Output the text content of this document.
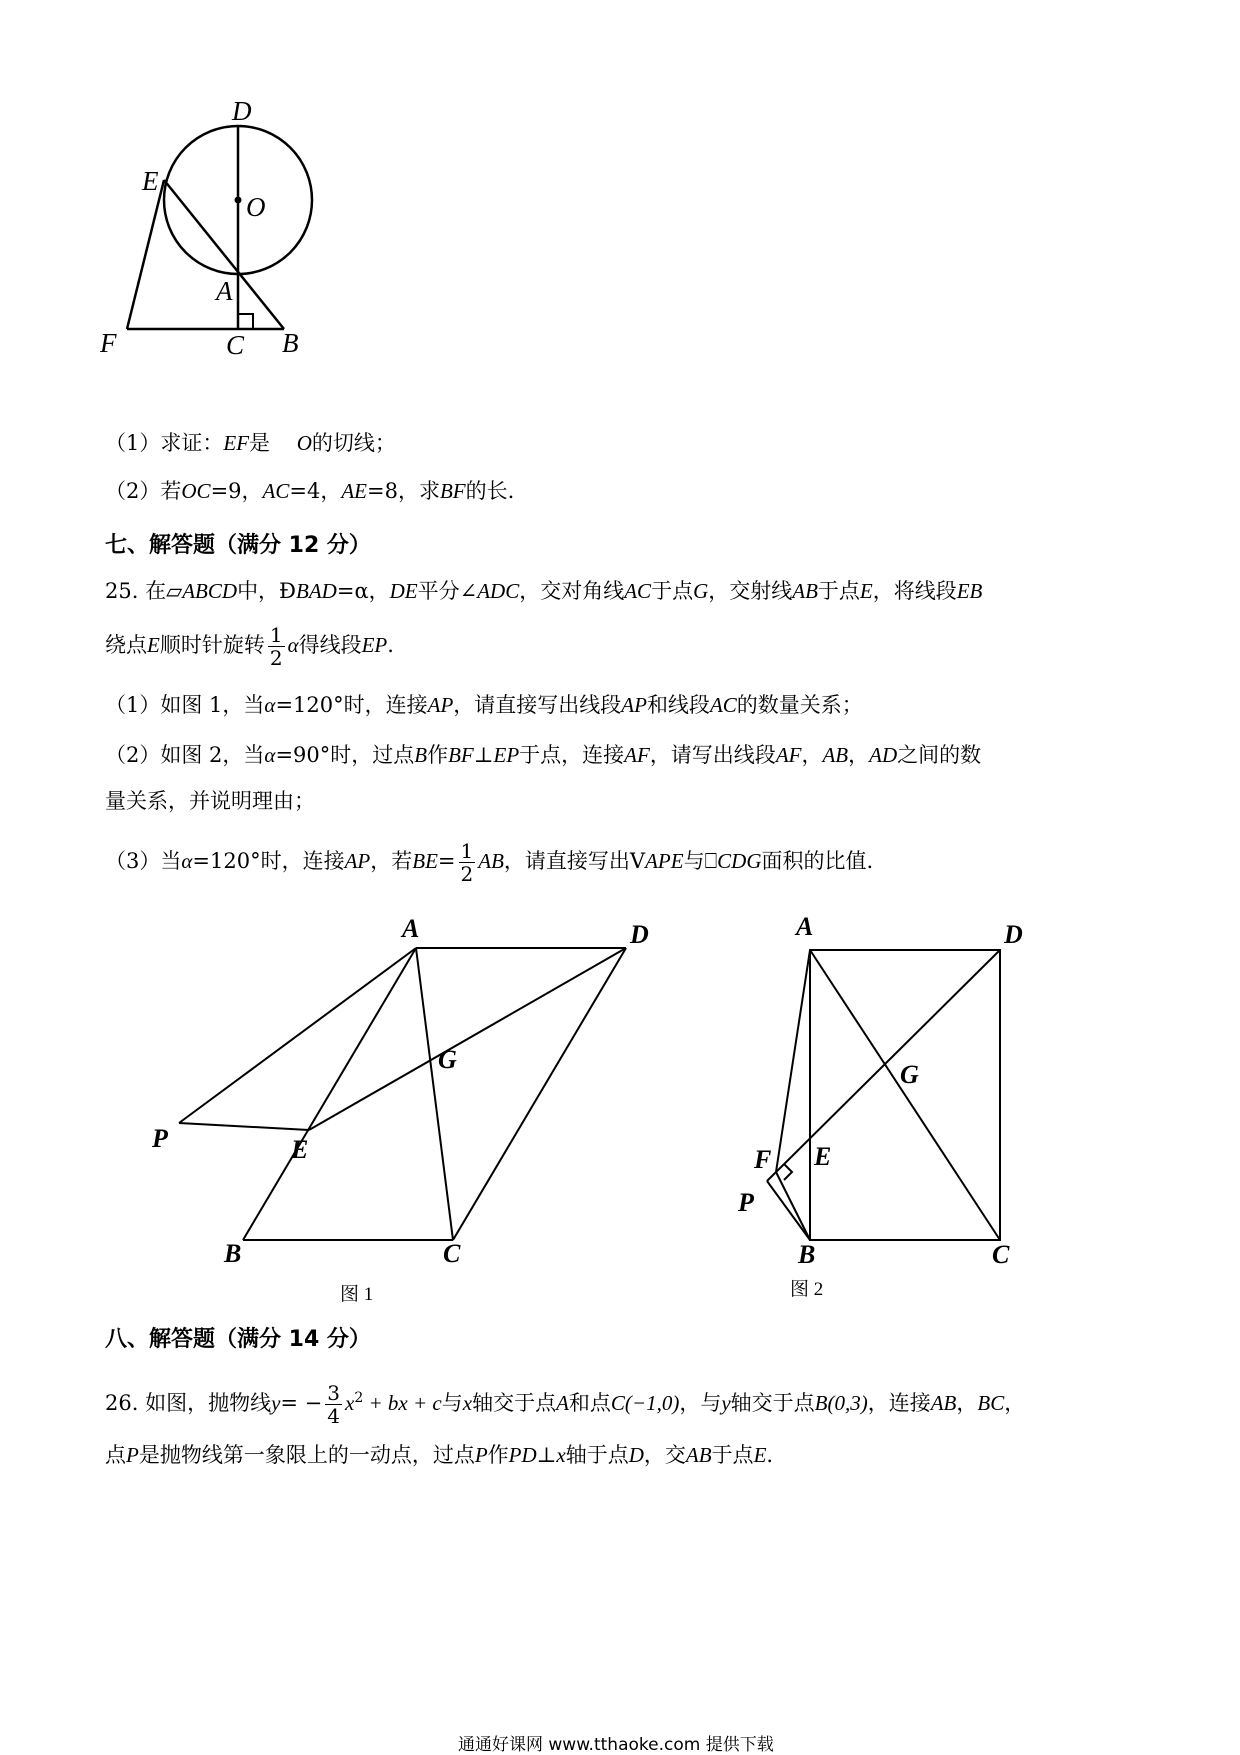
D
E
O
A
F	C B
（1）求证：EF是 O的切线；
（2）若OC=9，AC=4，AE=8，求BF的长.
七、解答题（满分 12 分）
25. 在▱ABCD中，ÐBAD=α，DE平分∠ADC，交对角线AC于点G，交射线AB于点E，将线段EB
绕点E顺时针旋转 $\frac{1}{2}$ α得线段EP.
（1）如图 1，当α=120°时，连接AP，请直接写出线段AP和线段AC的数量关系；
（2）如图 2，当α=90°时，过点B作BF⊥EP于点，连接AF，请写出线段AF，AB，AD之间的数
量关系，并说明理由；
（3）当α=120°时，连接AP，若$BE= \frac{1}{2}$ AB，请直接写出VAPE与⎕CDG面积的比值.
A	D
G
P	E
B	C
图 1
A	D
G
F E
P
B	C
图 2
八、解答题（满分 14 分）
26. 如图，抛物线$y= - \frac{3}{4} x^2$ + bx + c与x轴交于点A和点C(−1,0)，与y轴交于点B(0,3)，连接AB，BC，
点P是抛物线第一象限上的一动点，过点P作PD⊥x轴于点D，交AB于点E.
通通好课网 www.tthaoke.com 提供下载
